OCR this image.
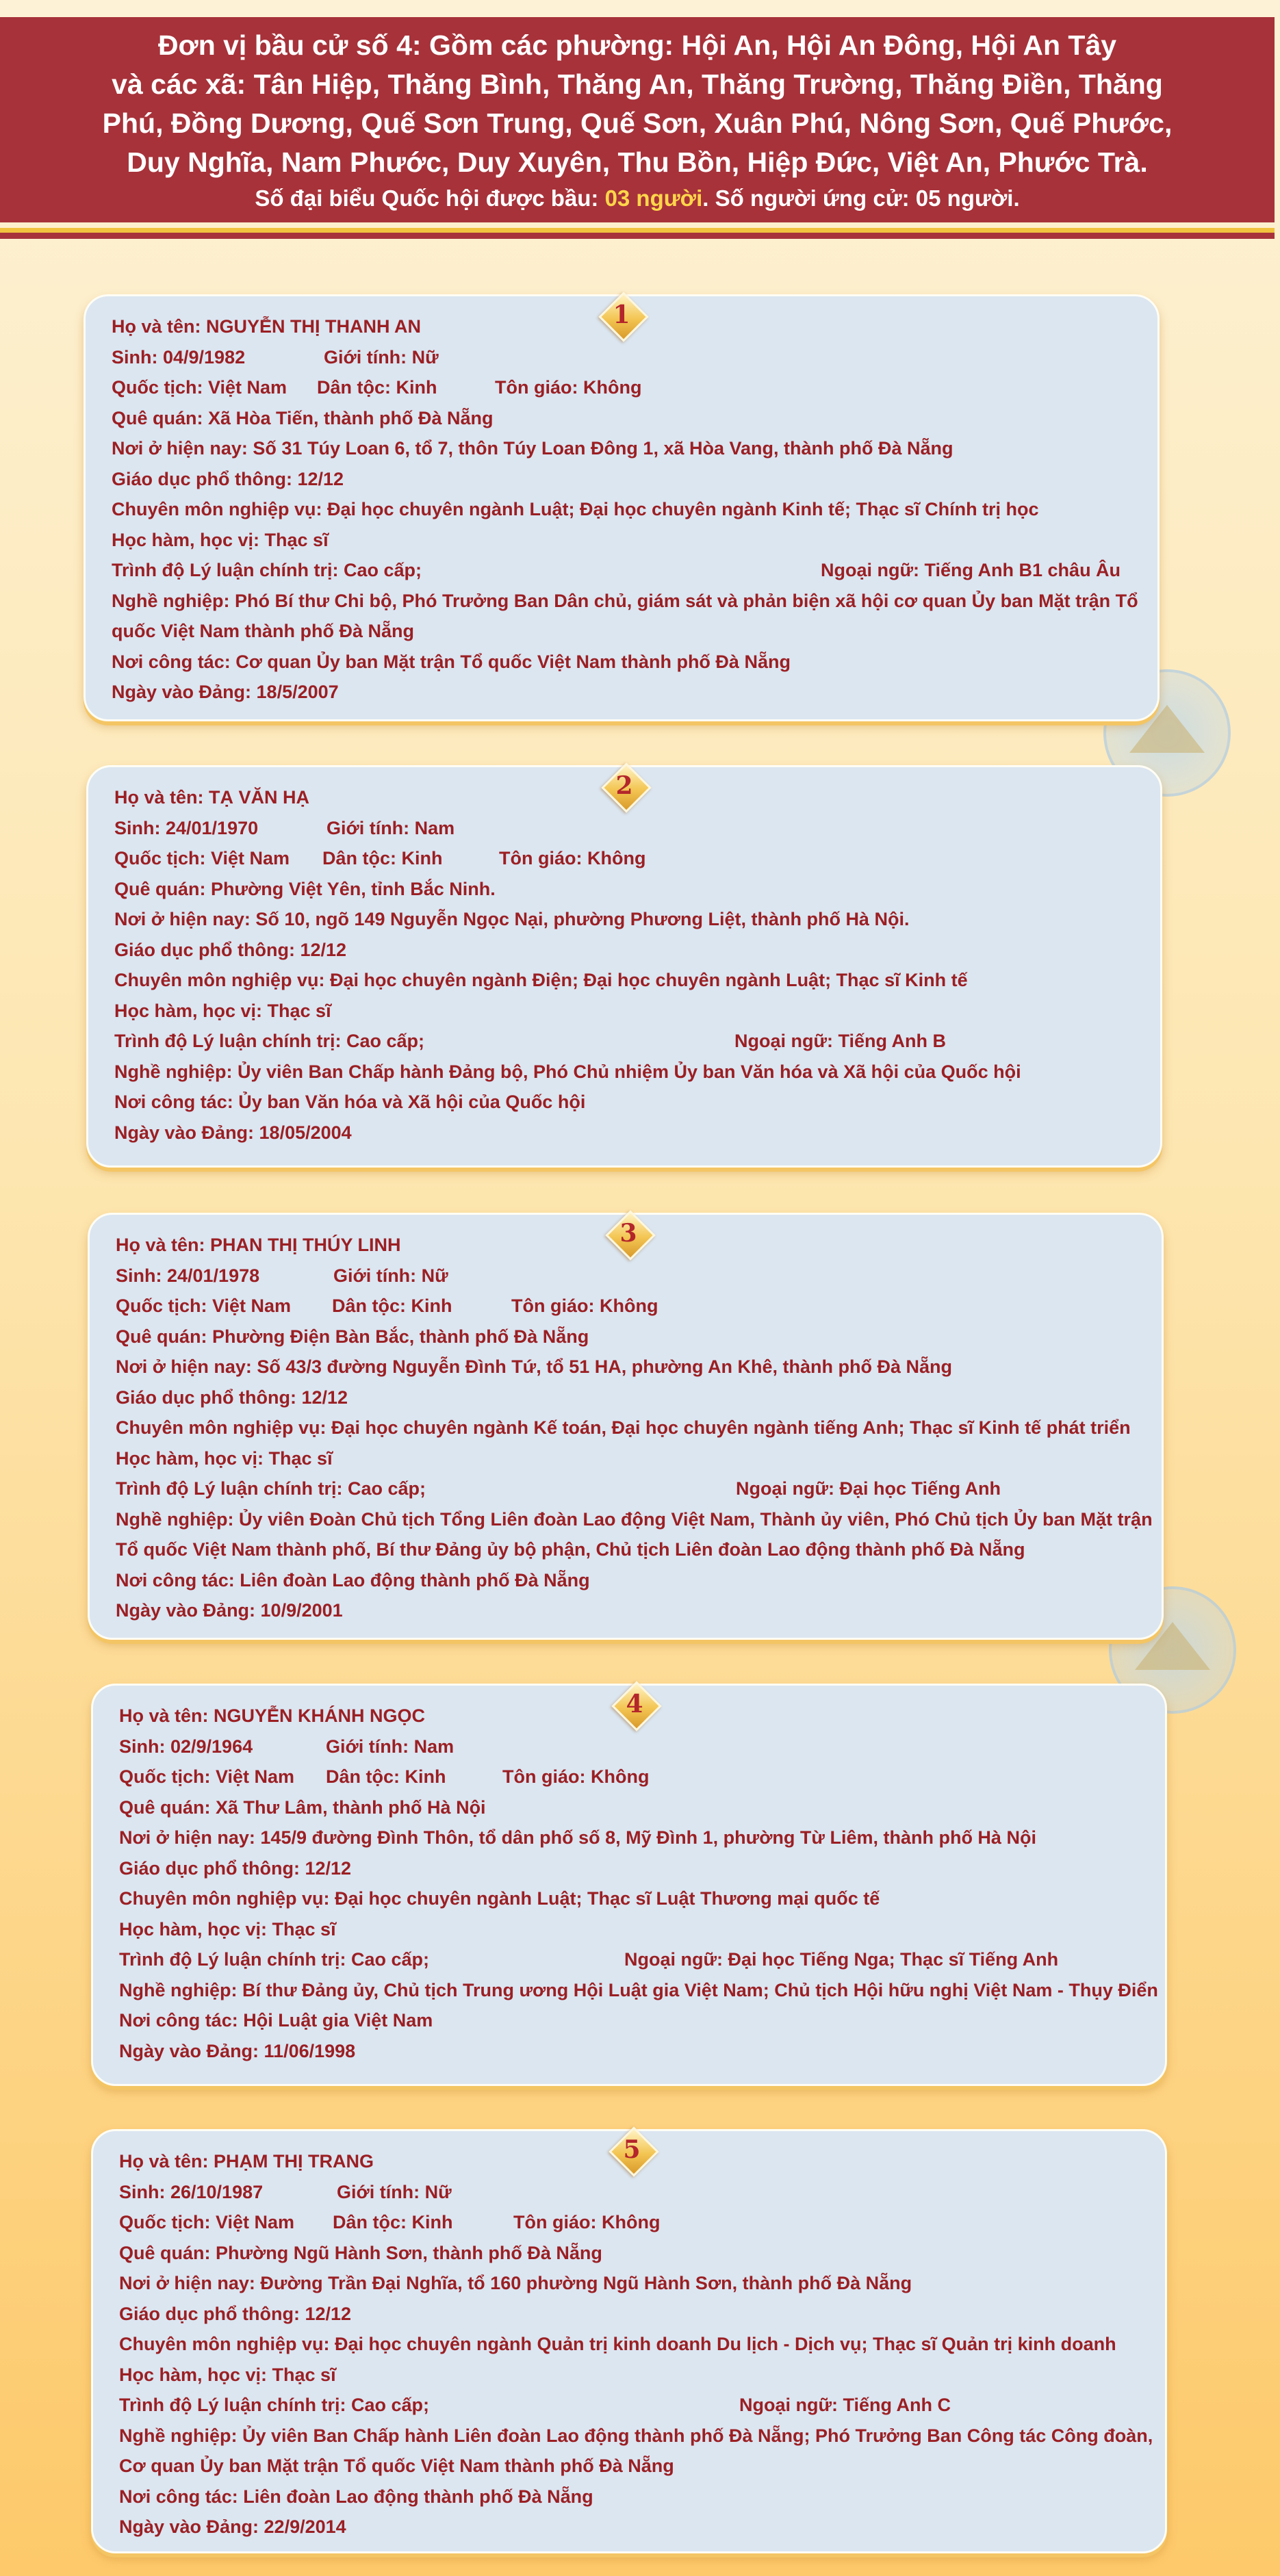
Đơn vị bầu cử số 4: Gồm các phường: Hội An, Hội An Đông, Hội An Tây
và các xã: Tân Hiệp, Thăng Bình, Thăng An, Thăng Trường, Thăng Điền, Thăng
Phú, Đồng Dương, Quế Sơn Trung, Quế Sơn, Xuân Phú, Nông Sơn, Quế Phước,
Duy Nghĩa, Nam Phước, Duy Xuyên, Thu Bồn, Hiệp Đức, Việt An, Phước Trà.
Số đại biểu Quốc hội được bầu: 03 người. Số người ứng cử: 05 người.
1
Họ và tên: NGUYỄN THỊ THANH AN
Sinh: 04/9/1982	Giới tính: Nữ
Quốc tịch: Việt Nam Dân tộc: Kinh	Tôn giáo: Không
Quê quán: Xã Hòa Tiến, thành phố Đà Nẵng
Nơi ở hiện nay: Số 31 Túy Loan 6, tổ 7, thôn Túy Loan Đông 1, xã Hòa Vang, thành phố Đà Nẵng
Giáo dục phổ thông: 12/12
Chuyên môn nghiệp vụ: Đại học chuyên ngành Luật; Đại học chuyên ngành Kinh tế; Thạc sĩ Chính trị học
Học hàm, học vị: Thạc sĩ
Trình độ Lý luận chính trị: Cao cấp;	Ngoại ngữ: Tiếng Anh B1 châu Âu
Nghề nghiệp: Phó Bí thư Chi bộ, Phó Trưởng Ban Dân chủ, giám sát và phản biện xã hội cơ quan Ủy ban Mặt trận Tổ
quốc Việt Nam thành phố Đà Nẵng
Nơi công tác: Cơ quan Ủy ban Mặt trận Tổ quốc Việt Nam thành phố Đà Nẵng
Ngày vào Đảng: 18/5/2007
2
Họ và tên: TẠ VĂN HẠ
Sinh: 24/01/1970	Giới tính: Nam
Quốc tịch: Việt Nam Dân tộc: Kinh	Tôn giáo: Không
Quê quán: Phường Việt Yên, tỉnh Bắc Ninh.
Nơi ở hiện nay: Số 10, ngõ 149 Nguyễn Ngọc Nại, phường Phương Liệt, thành phố Hà Nội.
Giáo dục phổ thông: 12/12
Chuyên môn nghiệp vụ: Đại học chuyên ngành Điện; Đại học chuyên ngành Luật; Thạc sĩ Kinh tế
Học hàm, học vị: Thạc sĩ
Trình độ Lý luận chính trị: Cao cấp;	Ngoại ngữ: Tiếng Anh B
Nghề nghiệp: Ủy viên Ban Chấp hành Đảng bộ, Phó Chủ nhiệm Ủy ban Văn hóa và Xã hội của Quốc hội
Nơi công tác: Ủy ban Văn hóa và Xã hội của Quốc hội
Ngày vào Đảng: 18/05/2004
3
Họ và tên: PHAN THỊ THÚY LINH
Sinh: 24/01/1978	Giới tính: Nữ
Quốc tịch: Việt Nam Dân tộc: Kinh	Tôn giáo: Không
Quê quán: Phường Điện Bàn Bắc, thành phố Đà Nẵng
Nơi ở hiện nay: Số 43/3 đường Nguyễn Đình Tứ, tổ 51 HA, phường An Khê, thành phố Đà Nẵng
Giáo dục phổ thông: 12/12
Chuyên môn nghiệp vụ: Đại học chuyên ngành Kế toán, Đại học chuyên ngành tiếng Anh; Thạc sĩ Kinh tế phát triển
Học hàm, học vị: Thạc sĩ
Trình độ Lý luận chính trị: Cao cấp;	Ngoại ngữ: Đại học Tiếng Anh
Nghề nghiệp: Ủy viên Đoàn Chủ tịch Tổng Liên đoàn Lao động Việt Nam, Thành ủy viên, Phó Chủ tịch Ủy ban Mặt trận
Tổ quốc Việt Nam thành phố, Bí thư Đảng ủy bộ phận, Chủ tịch Liên đoàn Lao động thành phố Đà Nẵng
Nơi công tác: Liên đoàn Lao động thành phố Đà Nẵng
Ngày vào Đảng: 10/9/2001
4
Họ và tên: NGUYỄN KHÁNH NGỌC
Sinh: 02/9/1964	Giới tính: Nam
Quốc tịch: Việt Nam Dân tộc: Kinh	Tôn giáo: Không
Quê quán: Xã Thư Lâm, thành phố Hà Nội
Nơi ở hiện nay: 145/9 đường Đình Thôn, tổ dân phố số 8, Mỹ Đình 1, phường Từ Liêm, thành phố Hà Nội
Giáo dục phổ thông: 12/12
Chuyên môn nghiệp vụ: Đại học chuyên ngành Luật; Thạc sĩ Luật Thương mại quốc tế
Học hàm, học vị: Thạc sĩ
Trình độ Lý luận chính trị: Cao cấp;	Ngoại ngữ: Đại học Tiếng Nga; Thạc sĩ Tiếng Anh
Nghề nghiệp: Bí thư Đảng ủy, Chủ tịch Trung ương Hội Luật gia Việt Nam; Chủ tịch Hội hữu nghị Việt Nam - Thụy Điển
Nơi công tác: Hội Luật gia Việt Nam
Ngày vào Đảng: 11/06/1998
5
Họ và tên: PHẠM THỊ TRANG
Sinh: 26/10/1987	Giới tính: Nữ
Quốc tịch: Việt Nam Dân tộc: Kinh	Tôn giáo: Không
Quê quán: Phường Ngũ Hành Sơn, thành phố Đà Nẵng
Nơi ở hiện nay: Đường Trần Đại Nghĩa, tổ 160 phường Ngũ Hành Sơn, thành phố Đà Nẵng
Giáo dục phổ thông: 12/12
Chuyên môn nghiệp vụ: Đại học chuyên ngành Quản trị kinh doanh Du lịch - Dịch vụ; Thạc sĩ Quản trị kinh doanh
Học hàm, học vị: Thạc sĩ
Trình độ Lý luận chính trị: Cao cấp;	Ngoại ngữ: Tiếng Anh C
Nghề nghiệp: Ủy viên Ban Chấp hành Liên đoàn Lao động thành phố Đà Nẵng; Phó Trưởng Ban Công tác Công đoàn,
Cơ quan Ủy ban Mặt trận Tổ quốc Việt Nam thành phố Đà Nẵng
Nơi công tác: Liên đoàn Lao động thành phố Đà Nẵng
Ngày vào Đảng: 22/9/2014
